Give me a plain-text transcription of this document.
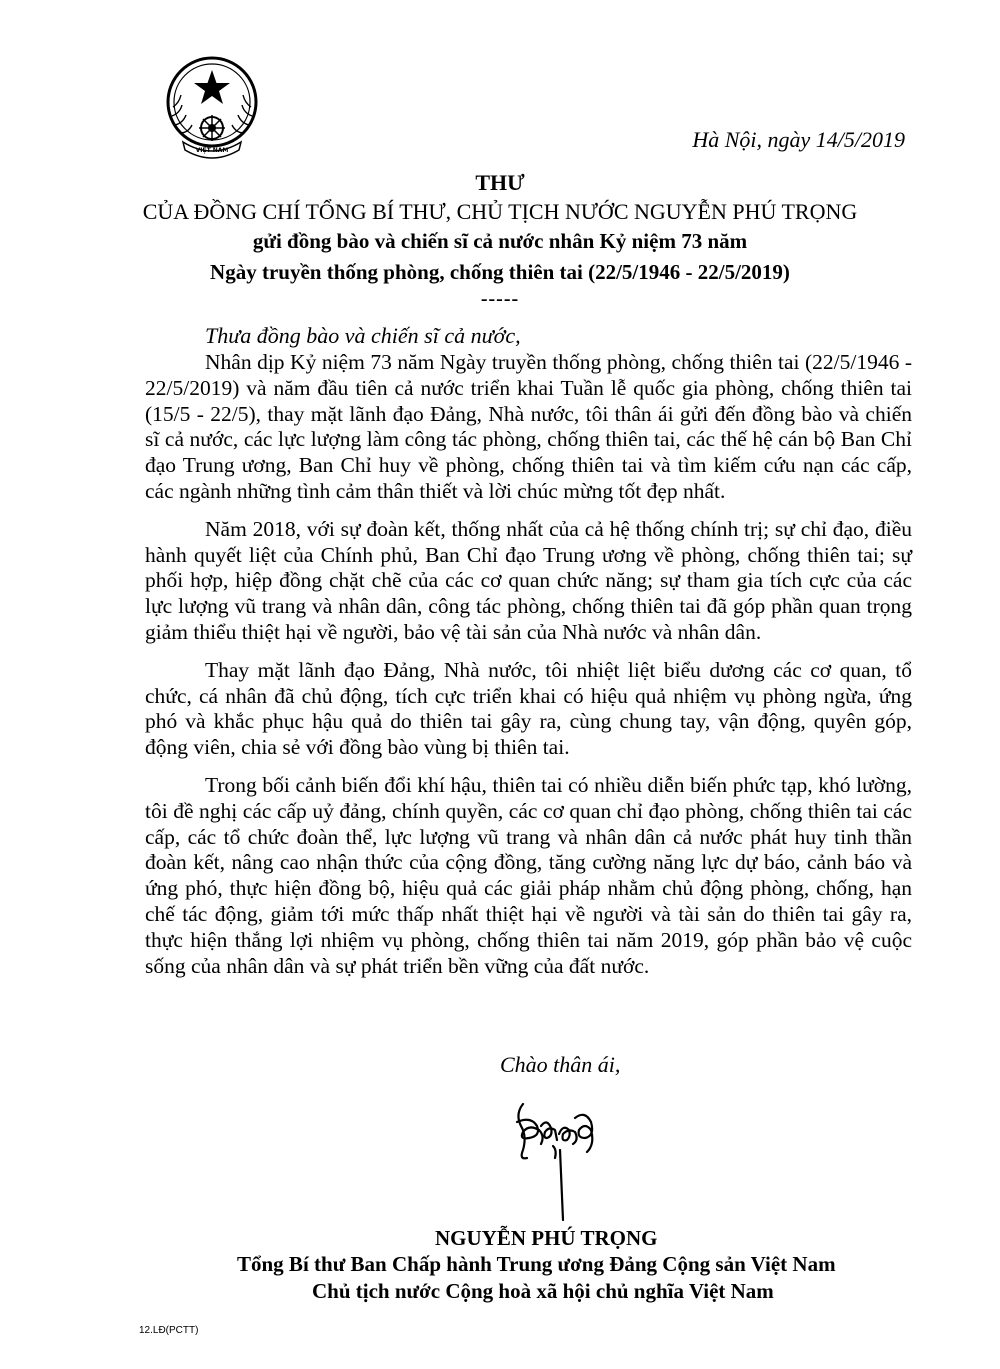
VIỆT NAM	Hà Nội, ngày 14/5/2019
THƯ
CỦA ĐỒNG CHÍ TỔNG BÍ THƯ, CHỦ TỊCH NƯỚC NGUYỄN PHÚ TRỌNG
gửi đồng bào và chiến sĩ cả nước nhân Kỷ niệm 73 năm
Ngày truyền thống phòng, chống thiên tai (22/5/1946 - 22/5/2019)
-----
Thưa đồng bào và chiến sĩ cả nước,

Nhân dịp Kỷ niệm 73 năm Ngày truyền thống phòng, chống thiên tai (22/5/1946 - 22/5/2019) và năm đầu tiên cả nước triển khai Tuần lễ quốc gia phòng, chống thiên tai (15/5 - 22/5), thay mặt lãnh đạo Đảng, Nhà nước, tôi thân ái gửi đến đồng bào và chiến sĩ cả nước, các lực lượng làm công tác phòng, chống thiên tai, các thế hệ cán bộ Ban Chỉ đạo Trung ương, Ban Chỉ huy về phòng, chống thiên tai và tìm kiếm cứu nạn các cấp, các ngành những tình cảm thân thiết và lời chúc mừng tốt đẹp nhất.

Năm 2018, với sự đoàn kết, thống nhất của cả hệ thống chính trị; sự chỉ đạo, điều hành quyết liệt của Chính phủ, Ban Chỉ đạo Trung ương về phòng, chống thiên tai; sự phối hợp, hiệp đồng chặt chẽ của các cơ quan chức năng; sự tham gia tích cực của các lực lượng vũ trang và nhân dân, công tác phòng, chống thiên tai đã góp phần quan trọng giảm thiểu thiệt hại về người, bảo vệ tài sản của Nhà nước và nhân dân.

Thay mặt lãnh đạo Đảng, Nhà nước, tôi nhiệt liệt biểu dương các cơ quan, tổ chức, cá nhân đã chủ động, tích cực triển khai có hiệu quả nhiệm vụ phòng ngừa, ứng phó và khắc phục hậu quả do thiên tai gây ra, cùng chung tay, vận động, quyên góp, động viên, chia sẻ với đồng bào vùng bị thiên tai.

Trong bối cảnh biến đổi khí hậu, thiên tai có nhiều diễn biến phức tạp, khó lường, tôi đề nghị các cấp uỷ đảng, chính quyền, các cơ quan chỉ đạo phòng, chống thiên tai các cấp, các tổ chức đoàn thể, lực lượng vũ trang và nhân dân cả nước phát huy tinh thần đoàn kết, nâng cao nhận thức của cộng đồng, tăng cường năng lực dự báo, cảnh báo và ứng phó, thực hiện đồng bộ, hiệu quả các giải pháp nhằm chủ động phòng, chống, hạn chế tác động, giảm tới mức thấp nhất thiệt hại về người và tài sản do thiên tai gây ra, thực hiện thắng lợi nhiệm vụ phòng, chống thiên tai năm 2019, góp phần bảo vệ cuộc sống của nhân dân và sự phát triển bền vững của đất nước.

Chào thân ái,
NGUYỄN PHÚ TRỌNG
Tổng Bí thư Ban Chấp hành Trung ương Đảng Cộng sản Việt Nam
Chủ tịch nước Cộng hoà xã hội chủ nghĩa Việt Nam
12.LĐ(PCTT)
